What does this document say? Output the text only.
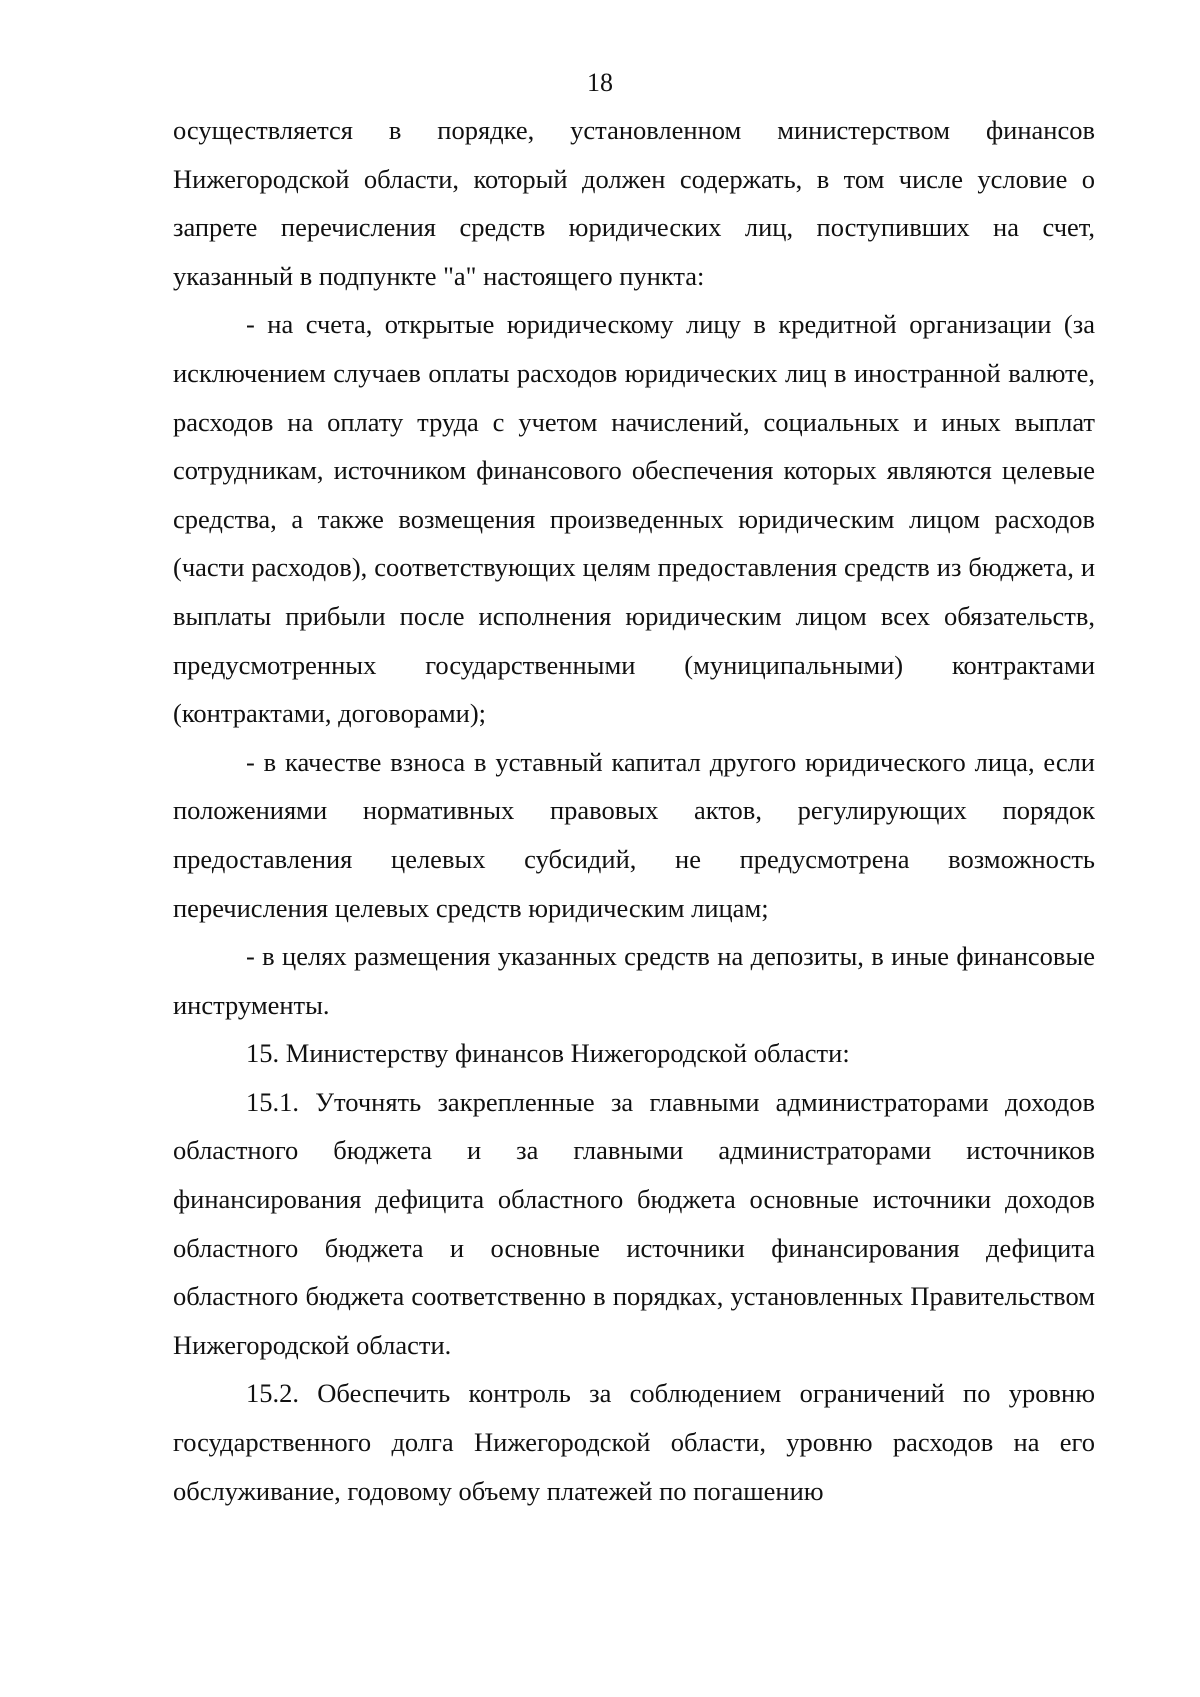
18

осуществляется в порядке, установленном министерством финансов Нижегородской области, который должен содержать, в том числе условие о запрете перечисления средств юридических лиц, поступивших на счет, указанный в подпункте "а" настоящего пункта:

- на счета, открытые юридическому лицу в кредитной организации (за исключением случаев оплаты расходов юридических лиц в иностранной валюте, расходов на оплату труда с учетом начислений, социальных и иных выплат сотрудникам, источником финансового обеспечения которых являются целевые средства, а также возмещения произведенных юридическим лицом расходов (части расходов), соответствующих целям предоставления средств из бюджета, и выплаты прибыли после исполнения юридическим лицом всех обязательств, предусмотренных государственными (муниципальными) контрактами (контрактами, договорами);

- в качестве взноса в уставный капитал другого юридического лица, если положениями нормативных правовых актов, регулирующих порядок предоставления целевых субсидий, не предусмотрена возможность перечисления целевых средств юридическим лицам;

- в целях размещения указанных средств на депозиты, в иные финансовые инструменты.

15. Министерству финансов Нижегородской области:

15.1. Уточнять закрепленные за главными администраторами доходов областного бюджета и за главными администраторами источников финансирования дефицита областного бюджета основные источники доходов областного бюджета и основные источники финансирования дефицита областного бюджета соответственно в порядках, установленных Правительством Нижегородской области.

15.2. Обеспечить контроль за соблюдением ограничений по уровню государственного долга Нижегородской области, уровню расходов на его обслуживание, годовому объему платежей по погашению
